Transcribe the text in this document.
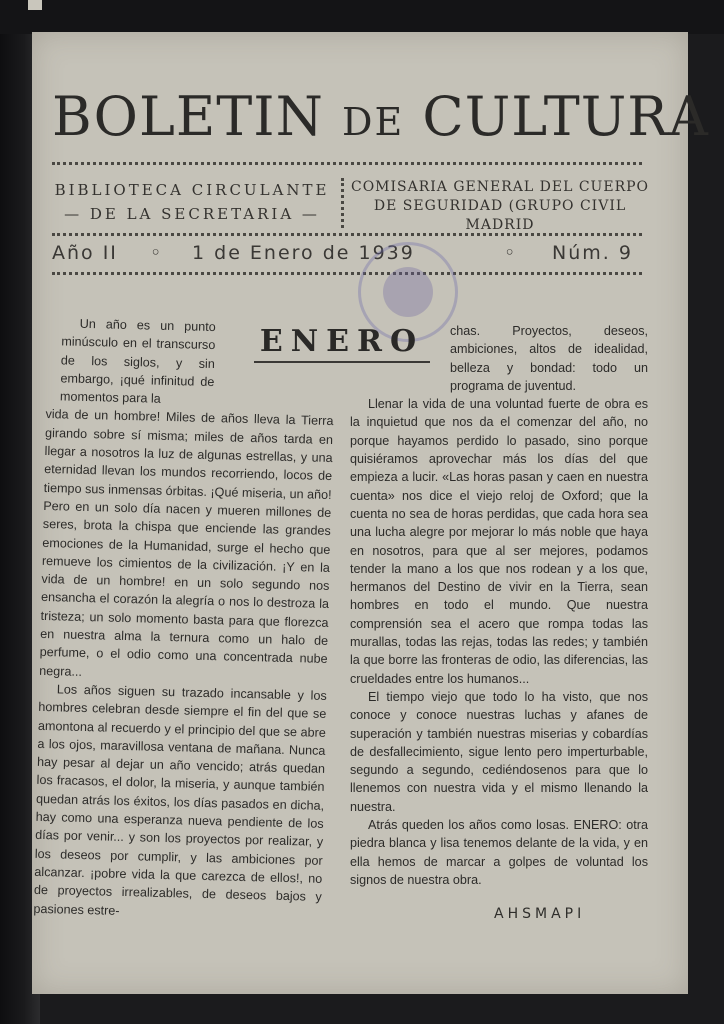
BOLETIN DE CULTURA
BIBLIOTECA CIRCULANTE
— DE LA SECRETARIA —
COMISARIA GENERAL DEL CUERPO
DE SEGURIDAD (GRUPO CIVIL
MADRID
Año II ◦ 1 de Enero de 1939	◦ Núm. 9
ENERO

Un año es un punto minúsculo en el transcurso de los siglos, y sin embargo, ¡qué infinitud de momentos para la

vida de un hombre! Miles de años lleva la Tierra girando sobre sí misma; miles de años tarda en llegar a nosotros la luz de algunas estrellas, y una eternidad llevan los mundos recorriendo, locos de tiempo sus inmensas órbitas. ¡Qué miseria, un año! Pero en un solo día nacen y mueren millones de seres, brota la chispa que enciende las grandes emociones de la Humanidad, surge el hecho que remueve los cimientos de la civilización. ¡Y en la vida de un hombre! en un solo segundo nos ensancha el corazón la alegría o nos lo destroza la tristeza; un solo momento basta para que florezca en nuestra alma la ternura como un halo de perfume, o el odio como una concentrada nube negra...

Los años siguen su trazado incansable y los hombres celebran desde siempre el fin del que se amontona al recuerdo y el principio del que se abre a los ojos, maravillosa ventana de mañana. Nunca hay pesar al dejar un año vencido; atrás quedan los fracasos, el dolor, la miseria, y aunque también quedan atrás los éxitos, los días pasados en dicha, hay como una esperanza nueva pendiente de los días por venir... y son los proyectos por realizar, y los deseos por cumplir, y las ambiciones por alcanzar. ¡pobre vida la que carezca de ellos!, no de proyectos irrealizables, de deseos bajos y pasiones estre-

chas. Proyectos, deseos, ambiciones, altos de idealidad, belleza y bondad: todo un programa de juventud.

Llenar la vida de una voluntad fuerte de obra es la inquietud que nos da el comenzar del año, no porque hayamos perdido lo pasado, sino porque quisiéramos aprovechar más los días del que empieza a lucir. «Las horas pasan y caen en nuestra cuenta» nos dice el viejo reloj de Oxford; que la cuenta no sea de horas perdidas, que cada hora sea una lucha alegre por mejorar lo más noble que haya en nosotros, para que al ser mejores, podamos tender la mano a los que nos rodean y a los que, hermanos del Destino de vivir en la Tierra, sean hombres en todo el mundo. Que nuestra comprensión sea el acero que rompa todas las murallas, todas las rejas, todas las redes; y también la que borre las fronteras de odio, las diferencias, las crueldades entre los humanos...

El tiempo viejo que todo lo ha visto, que nos conoce y conoce nuestras luchas y afanes de superación y también nuestras miserias y cobardías de desfallecimiento, sigue lento pero imperturbable, segundo a segundo, cediéndosenos para que lo llenemos con nuestra vida y el mismo llenando la nuestra.

Atrás queden los años como losas. ENERO: otra piedra blanca y lisa tenemos delante de la vida, y en ella hemos de marcar a golpes de voluntad los signos de nuestra obra.

AHSMAPI
